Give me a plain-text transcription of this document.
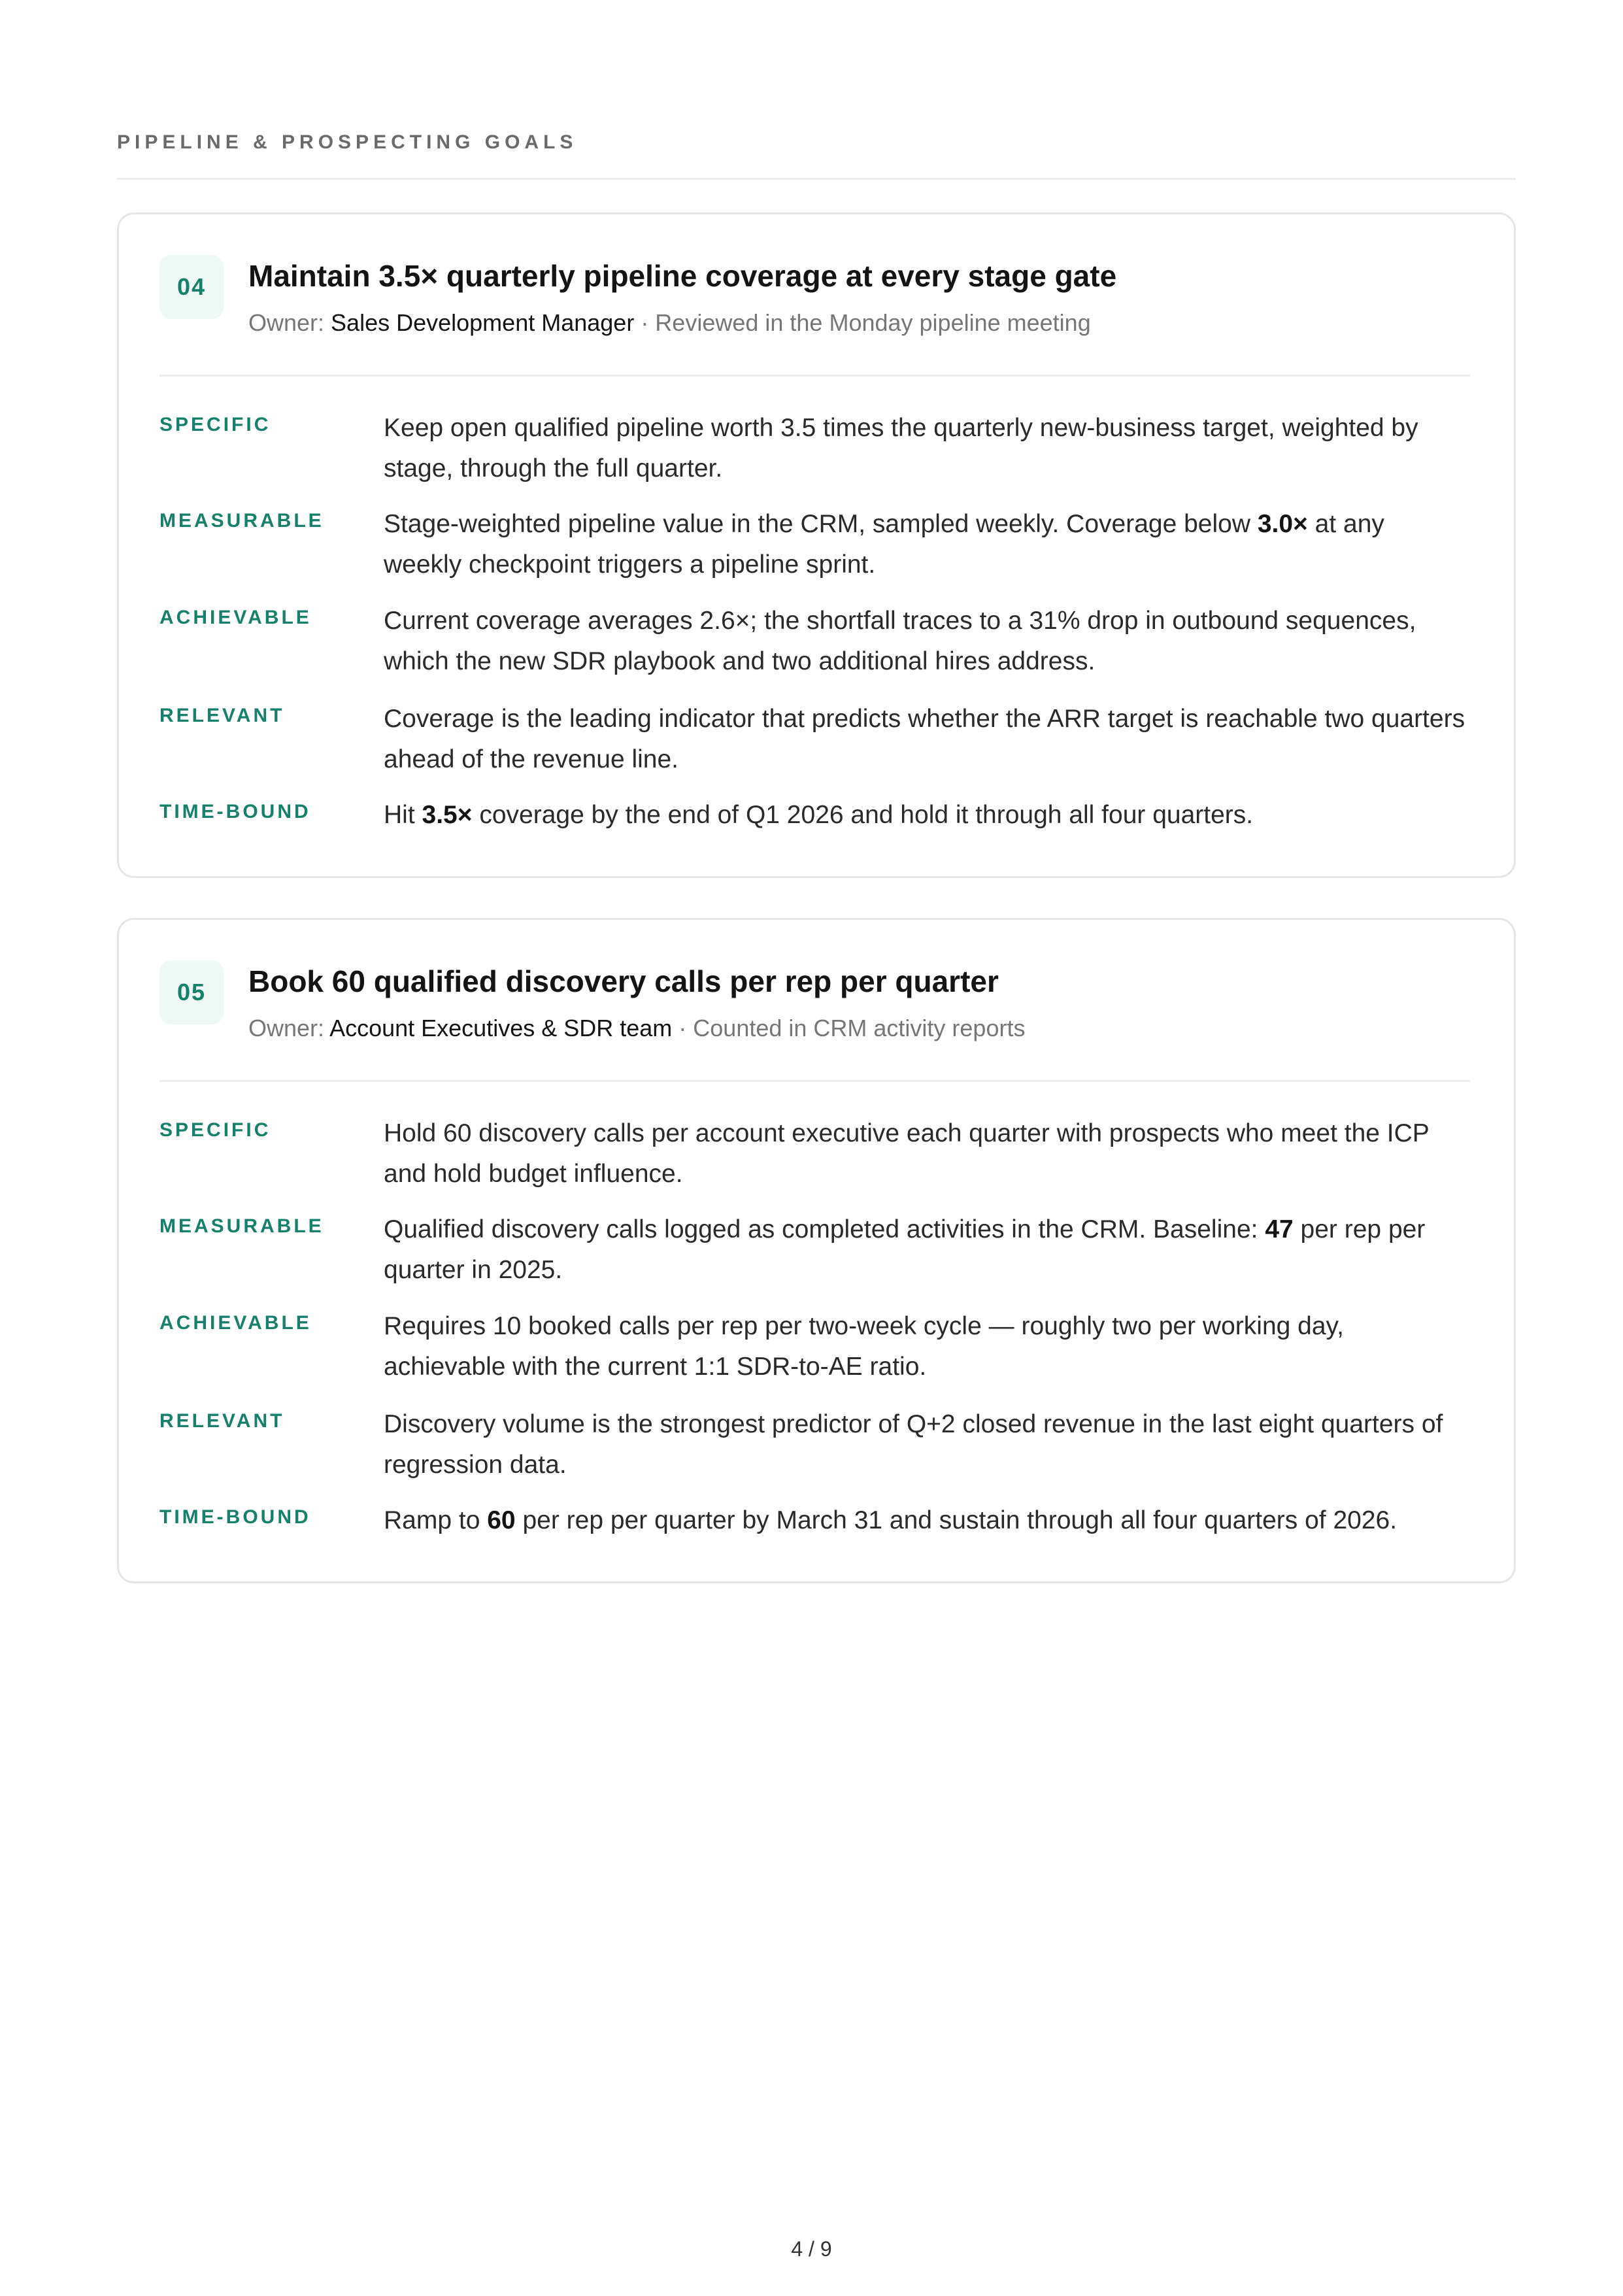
PIPELINE & PROSPECTING GOALS
04	Maintain 3.5× quarterly pipeline coverage at every stage gate
Owner: Sales Development Manager · Reviewed in the Monday pipeline meeting
SPECIFIC	Keep open qualified pipeline worth 3.5 times the quarterly new-business target, weighted by stage, through the full quarter.
MEASURABLE Stage-weighted pipeline value in the CRM, sampled weekly. Coverage below 3.0× at any weekly checkpoint triggers a pipeline sprint.
ACHIEVABLE	Current coverage averages 2.6×; the shortfall traces to a 31% drop in outbound sequences, which the new SDR playbook and two additional hires address.
RELEVANT	Coverage is the leading indicator that predicts whether the ARR target is reachable two quarters ahead of the revenue line.
TIME-BOUND	Hit 3.5× coverage by the end of Q1 2026 and hold it through all four quarters.
05	Book 60 qualified discovery calls per rep per quarter
Owner: Account Executives & SDR team · Counted in CRM activity reports
SPECIFIC	Hold 60 discovery calls per account executive each quarter with prospects who meet the ICP and hold budget influence.
MEASURABLE Qualified discovery calls logged as completed activities in the CRM. Baseline: 47 per rep per quarter in 2025.
ACHIEVABLE	Requires 10 booked calls per rep per two-week cycle — roughly two per working day, achievable with the current 1:1 SDR-to-AE ratio.
RELEVANT	Discovery volume is the strongest predictor of Q+2 closed revenue in the last eight quarters of regression data.
TIME-BOUND	Ramp to 60 per rep per quarter by March 31 and sustain through all four quarters of 2026.
4 / 9
